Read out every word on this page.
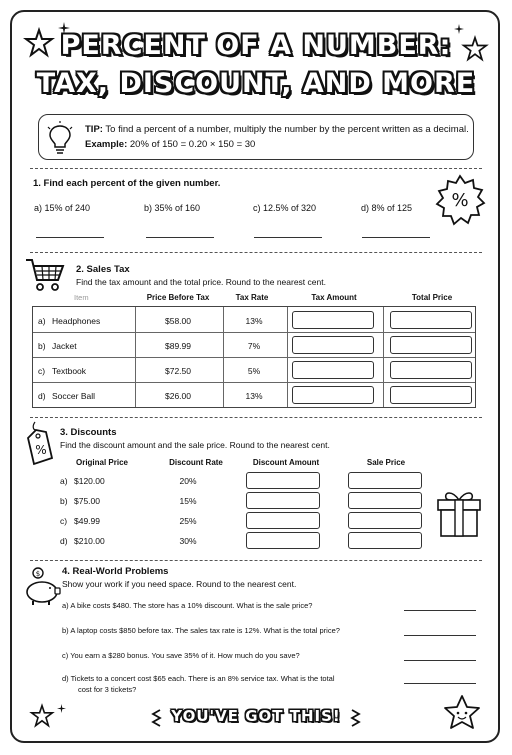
PERCENT OF A NUMBER:
TAX, DISCOUNT, AND MORE
TIP: To find a percent of a number, multiply the number by the percent written as a decimal.
Example: 20% of 150 = 0.20 × 150 = 30
1. Find each percent of the given number.
%
a) 15% of 240	b) 35% of 160	c) 12.5% of 320	d) 8% of 125
2. Sales Tax
Find the tax amount and the total price. Round to the nearest cent.
Item	Price Before Tax	Tax Rate	Tax Amount	Total Price
a) Headphones	$58.00	13%
b) Jacket	$89.99	7%
c) Textbook	$72.50	5%
d) Soccer Ball	$26.00	13%
%
3. Discounts
Find the discount amount and the sale price. Round to the nearest cent.
Original Price	Discount Rate	Discount Amount	Sale Price
a) $120.00	20%
b) $75.00	15%
c) $49.99	25%
d) $210.00	30%
$ 4. Real-World Problems
Show your work if you need space. Round to the nearest cent.
a) A bike costs $480. The store has a 10% discount. What is the sale price?
b) A laptop costs $850 before tax. The sales tax rate is 12%. What is the total price?
c) You earn a $280 bonus. You save 35% of it. How much do you save?
d) Tickets to a concert cost $65 each. There is an 8% service tax. What is the total
cost for 3 tickets?
YOU'VE GOT THIS!
